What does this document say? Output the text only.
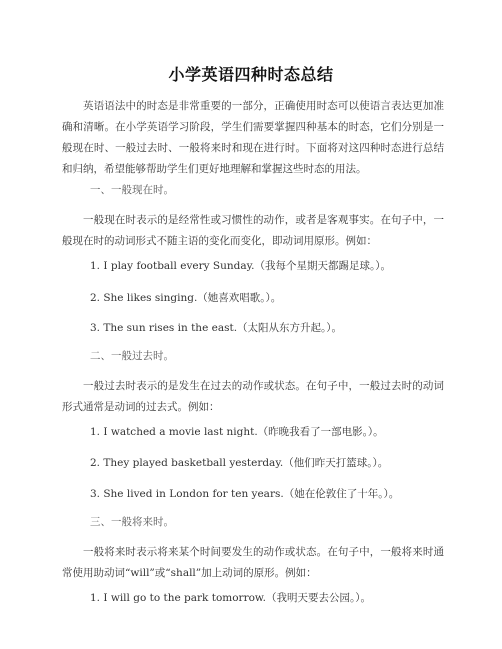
小学英语四种时态总结

英语语法中的时态是非常重要的一部分，正确使用时态可以使语言表达更加准确和清晰。在小学英语学习阶段，学生们需要掌握四种基本的时态，它们分别是一般现在时、一般过去时、一般将来时和现在进行时。下面将对这四种时态进行总结和归纳，希望能够帮助学生们更好地理解和掌握这些时态的用法。

一、一般现在时。

一般现在时表示的是经常性或习惯性的动作，或者是客观事实。在句子中，一般现在时的动词形式不随主语的变化而变化，即动词用原形。例如：

1. I play football every Sunday.（我每个星期天都踢足球。）。
2. She likes singing.（她喜欢唱歌。）。
3. The sun rises in the east.（太阳从东方升起。）。
二、一般过去时。

一般过去时表示的是发生在过去的动作或状态。在句子中，一般过去时的动词形式通常是动词的过去式。例如：

1. I watched a movie last night.（昨晚我看了一部电影。）。
2. They played basketball yesterday.（他们昨天打篮球。）。
3. She lived in London for ten years.（她在伦敦住了十年。）。
三、一般将来时。

一般将来时表示将来某个时间要发生的动作或状态。在句子中，一般将来时通常使用助动词“will”或“shall”加上动词的原形。例如：

1. I will go to the park tomorrow.（我明天要去公园。）。
